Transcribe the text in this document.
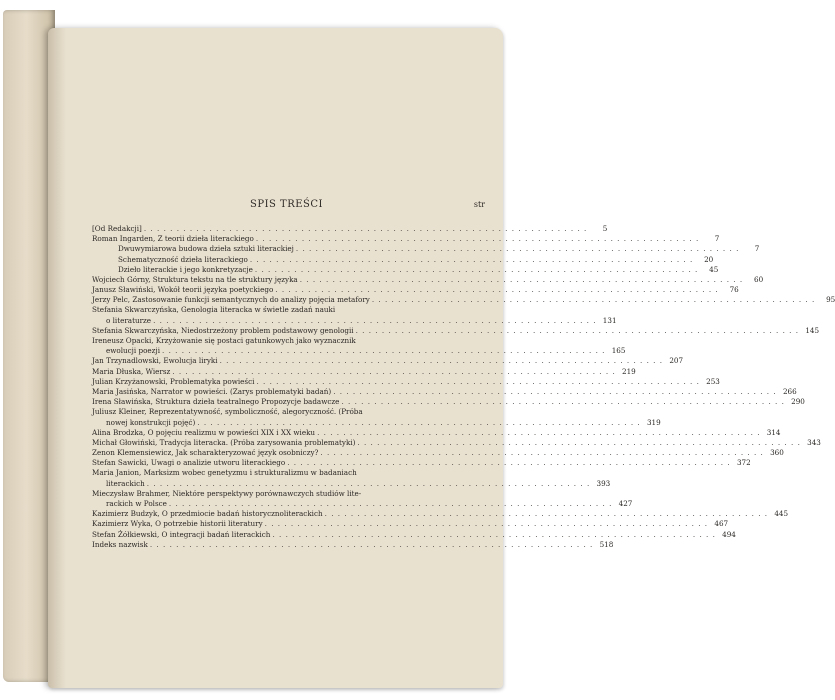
SPIS TREŚCI	str
[Od Redakcji] . . .	5
Roman Ingarden, Z teorii dzieła literackiego . . .	7
Dwuwymiarowa budowa dzieła sztuki literackiej . . .	7
Schematyczność dzieła literackiego . . .	20
Dzieło literackie i jego konkretyzacje . . .	45
Wojciech Górny, Struktura tekstu na tle struktury języka . . .	60
Janusz Sławiński, Wokół teorii języka poetyckiego . . .	76
Jerzy Pelc, Zastosowanie funkcji semantycznych do analizy pojęcia metafory . . .	95
Stefania Skwarczyńska, Genologia literacka w świetle zadań nauki
o literaturze . . .	131
Stefania Skwarczyńska, Niedostrzeżony problem podstawowy genologii . . .	145
Ireneusz Opacki, Krzyżowanie się postaci gatunkowych jako wyznacznik
ewolucji poezji . . .	165
Jan Trzynadlowski, Ewolucja liryki . . .	207
Maria Dłuska, Wiersz . . .	219
Julian Krzyżanowski, Problematyka powieści . . .	253
Maria Jasińska, Narrator w powieści. (Zarys problematyki badań) . . .	266
Irena Sławińska, Struktura dzieła teatralnego Propozycje badawcze . . .	290
Juliusz Kleiner, Reprezentatywność, symboliczność, alegoryczność. (Próba
nowej konstrukcji pojęć) . . .	319
Alina Brodzka, O pojęciu realizmu w powieści XIX i XX wieku . . .	314
Michał Głowiński, Tradycja literacka. (Próba zarysowania problematyki) . . .	343
Zenon Klemensiewicz, Jak scharakteryzować język osobniczy? . . .	360
Stefan Sawicki, Uwagi o analizie utworu literackiego . . .	372
Maria Janion, Marksizm wobec genetyzmu i strukturalizmu w badaniach
literackich . . .	393
Mieczysław Brahmer, Niektóre perspektywy porównawczych studiów lite-
rackich w Polsce . . .	427
Kazimierz Budzyk, O przedmiocie badań historycznoliterackich . . .	445
Kazimierz Wyka, O potrzebie historii literatury . . .	467
Stefan Żółkiewski, O integracji badań literackich . . .	494
Indeks nazwisk . . .	518
